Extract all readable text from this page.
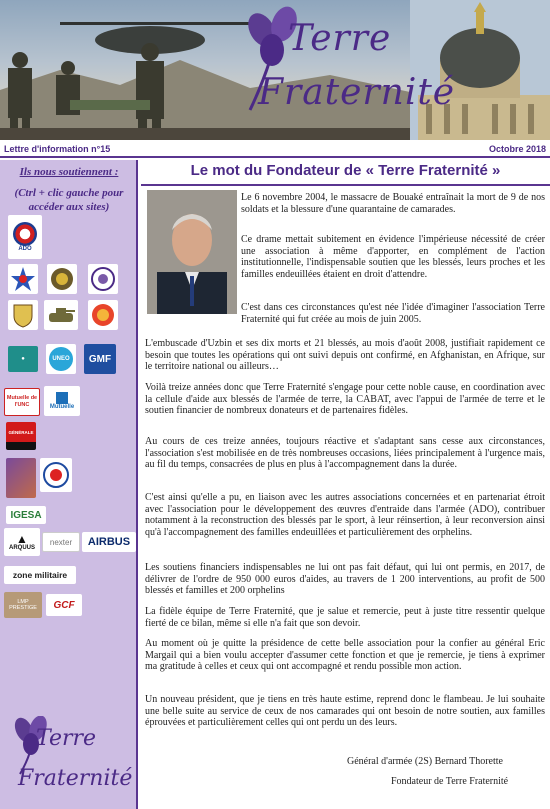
Terre
Fraternité
Lettre d'information n°15	Octobre 2018
Ils nous soutiennent :
(Ctrl + clic gauche pour accéder aux sites)
ADO
●	UNEO GMF
Mutuelle de l'UNC	Mutuelle
GÉNÉRALE
IGESA
▲
ARQUUS
nexter AIRBUS
zone militaire
LMP PRESTIGE	GCF
Terre
Fraternité
Le mot du Fondateur de « Terre Fraternité »

Le 6 novembre 2004, le massacre de Bouaké entraînait la mort de 9 de nos soldats et la blessure d'une quarantaine de camarades.

Ce drame mettait subitement en évidence l'impérieuse nécessité de créer une association à même d'apporter, en complément de l'action institutionnelle, l'indispensable soutien que les blessés, leurs proches et les familles endeuillées étaient en droit d'attendre.

C'est dans ces circonstances qu'est née l'idée d'imaginer l'association Terre Fraternité qui fut créée au mois de juin 2005.

L'embuscade d'Uzbin et ses dix morts et 21 blessés, au mois d'août 2008, justifiait rapidement ce besoin que toutes les opérations qui ont suivi depuis ont confirmé, en Afghanistan, en Afrique, sur le territoire national ou ailleurs…

Voilà treize années donc que Terre Fraternité s'engage pour cette noble cause, en coordination avec la cellule d'aide aux blessés de l'armée de terre, la CABAT, avec l'appui de l'armée de terre et le soutien financier de nombreux donateurs et de partenaires fidèles.

Au cours de ces treize années, toujours réactive et s'adaptant sans cesse aux circonstances, l'association s'est mobilisée en de très nombreuses occasions, liées principalement à l'urgence mais, au fil du temps, consacrées de plus en plus à l'accompagnement dans la durée.

C'est ainsi qu'elle a pu, en liaison avec les autres associations concernées et en partenariat étroit avec l'association pour le développement des œuvres d'entraide dans l'armée (ADO), contribuer notamment à la reconstruction des blessés par le sport, à leur réinsertion, à leur reconversion ainsi qu'à l'accompagnement des familles endeuillées et particulièrement des orphelins.

Les soutiens financiers indispensables ne lui ont pas fait défaut, qui lui ont permis, en 2017, de délivrer de l'ordre de 950 000 euros d'aides, au travers de 1 200 interventions, au profit de 500 blessés et familles et 200 orphelins

La fidèle équipe de Terre Fraternité, que je salue et remercie, peut à juste titre ressentir quelque fierté de ce bilan, même si elle n'a fait que son devoir.

Au moment où je quitte la présidence de cette belle association pour la confier au général Eric Margail qui a bien voulu accepter d'assumer cette fonction et que je remercie, je tiens à exprimer ma gratitude à celles et ceux qui ont accompagné et rendu possible mon action.

Un nouveau président, que je tiens en très haute estime, reprend donc le flambeau. Je lui souhaite une belle suite au service de ceux de nos camarades qui ont besoin de notre soutien, aux familles éprouvées et particulièrement celles qui ont perdu un des leurs.

Général d'armée (2S) Bernard Thorette

Fondateur de Terre Fraternité
